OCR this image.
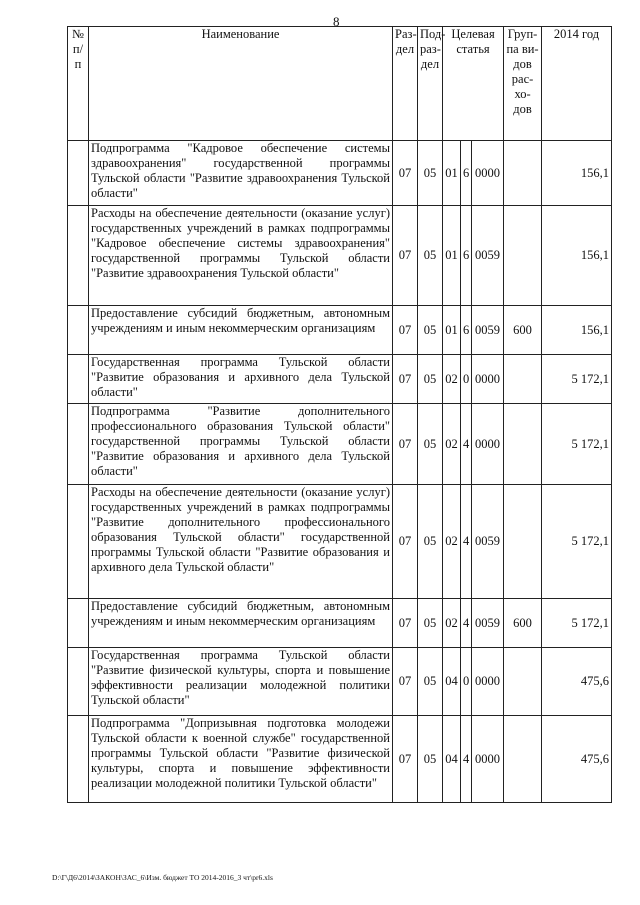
8
№ п/п	Наименование	Раз-дел	Под-раз-дел	Целевая статья			Груп-па ви-дов рас-хо-дов	2014 год
	Подпрограмма "Кадровое обеспечение системы здравоохранения" государственной программы Тульской области "Развитие здравоохранения Тульской области"	07	05	01	6	0000		156,1
	Расходы на обеспечение деятельности (оказание услуг) государственных учреждений в рамках подпрограммы "Кадровое обеспечение системы здравоохранения" государственной программы Тульской области "Развитие здравоохранения Тульской области"	07	05	01	6	0059		156,1
	Предоставление субсидий бюджетным, автономным учреждениям и иным некоммерческим организациям	07	05	01	6	0059	600	156,1
	Государственная программа Тульской области "Развитие образования и архивного дела Тульской области"	07	05	02	0	0000		5 172,1
	Подпрограмма "Развитие дополнительного профессионального образования Тульской области" государственной программы Тульской области "Развитие образования и архивного дела Тульской области"	07	05	02	4	0000		5 172,1
	Расходы на обеспечение деятельности (оказание услуг) государственных учреждений в рамках подпрограммы "Развитие дополнительного профессионального образования Тульской области" государственной программы Тульской области "Развитие образования и архивного дела Тульской области"	07	05	02	4	0059		5 172,1
	Предоставление субсидий бюджетным, автономным учреждениям и иным некоммерческим организациям	07	05	02	4	0059	600	5 172,1
	Государственная программа Тульской области "Развитие физической культуры, спорта и повышение эффективности реализации молодежной политики Тульской области"	07	05	04	0	0000		475,6
	Подпрограмма "Допризывная подготовка молодежи Тульской области к военной службе" государственной программы Тульской области "Развитие физической культуры, спорта и повышение эффективности реализации молодежной политики Тульской области"	07	05	04	4	0000		475,6
D:\Г\Д6\2014\ЗАКОН\ЗАС_6\Изм. бюджет ТО 2014-2016_3 чт\pr6.xls
